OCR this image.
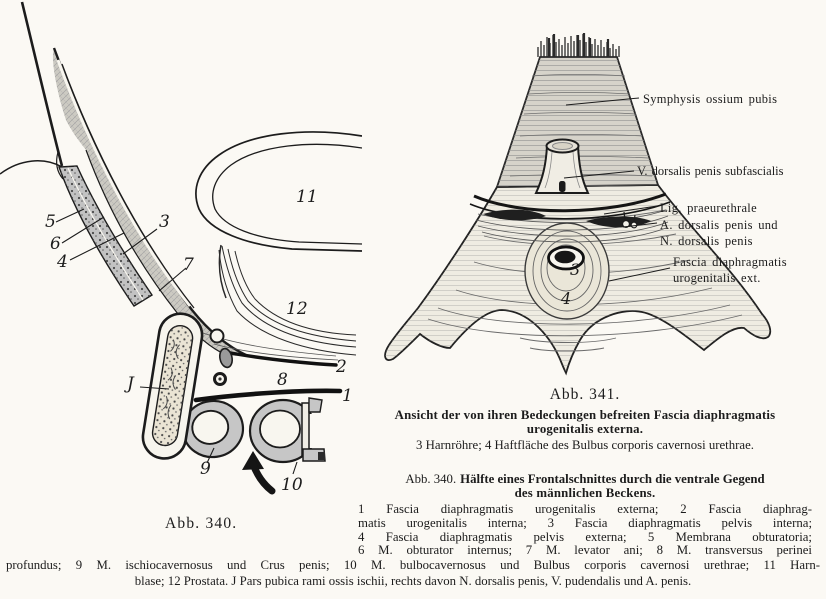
5
6
4
3
7
11
12
2
8
1
J
9
10
Abb. 340.
Symphysis ossium pubis
V. dorsalis penis subfascialis
Lig. praeurethrale
A. dorsalis penis und
N. dorsalis penis
Fascia diaphragmatis
urogenitalis ext.
3
4
Abb. 341.
Ansicht der von ihren Bedeckungen befreiten Fascia diaphragmatis
urogenitalis externa.
3 Harnröhre; 4 Haftfläche des Bulbus corporis cavernosi urethrae.
Abb. 340. Hälfte eines Frontalschnittes durch die ventrale Gegend
des männlichen Beckens.
1 Fascia diaphragmatis urogenitalis externa; 2 Fascia diaphrag-
matis urogenitalis interna; 3 Fascia diaphragmatis pelvis interna;
4 Fascia diaphragmatis pelvis externa; 5 Membrana obturatoria;
6 M. obturator internus; 7 M. levator ani; 8 M. transversus perinei
profundus; 9 M. ischiocavernosus und Crus penis; 10 M. bulbocavernosus und Bulbus corporis cavernosi urethrae; 11 Harn-
blase; 12 Prostata. J Pars pubica rami ossis ischii, rechts davon N. dorsalis penis, V. pudendalis und A. penis.
